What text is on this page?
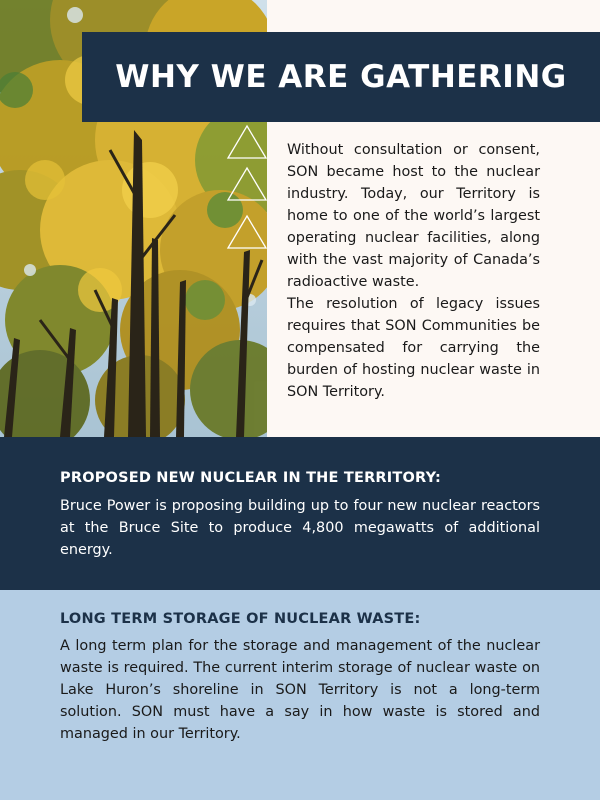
WHY WE ARE GATHERING

Without consultation or consent, SON became host to the nuclear industry. Today, our Territory is home to one of the world’s largest operating nuclear facilities, along with the vast majority of Canada’s radioactive waste.

The resolution of legacy issues requires that SON Communities be compensated for carrying the burden of hosting nuclear waste in SON Territory.

PROPOSED NEW NUCLEAR IN THE TERRITORY:

Bruce Power is proposing building up to four new nuclear reactors at the Bruce Site to produce 4,800 megawatts of additional energy.

LONG TERM STORAGE OF NUCLEAR WASTE:

A long term plan for the storage and management of the nuclear waste is required. The current interim storage of nuclear waste on Lake Huron’s shoreline in SON Territory is not a long-term solution. SON must have a say in how waste is stored and managed in our Territory.
